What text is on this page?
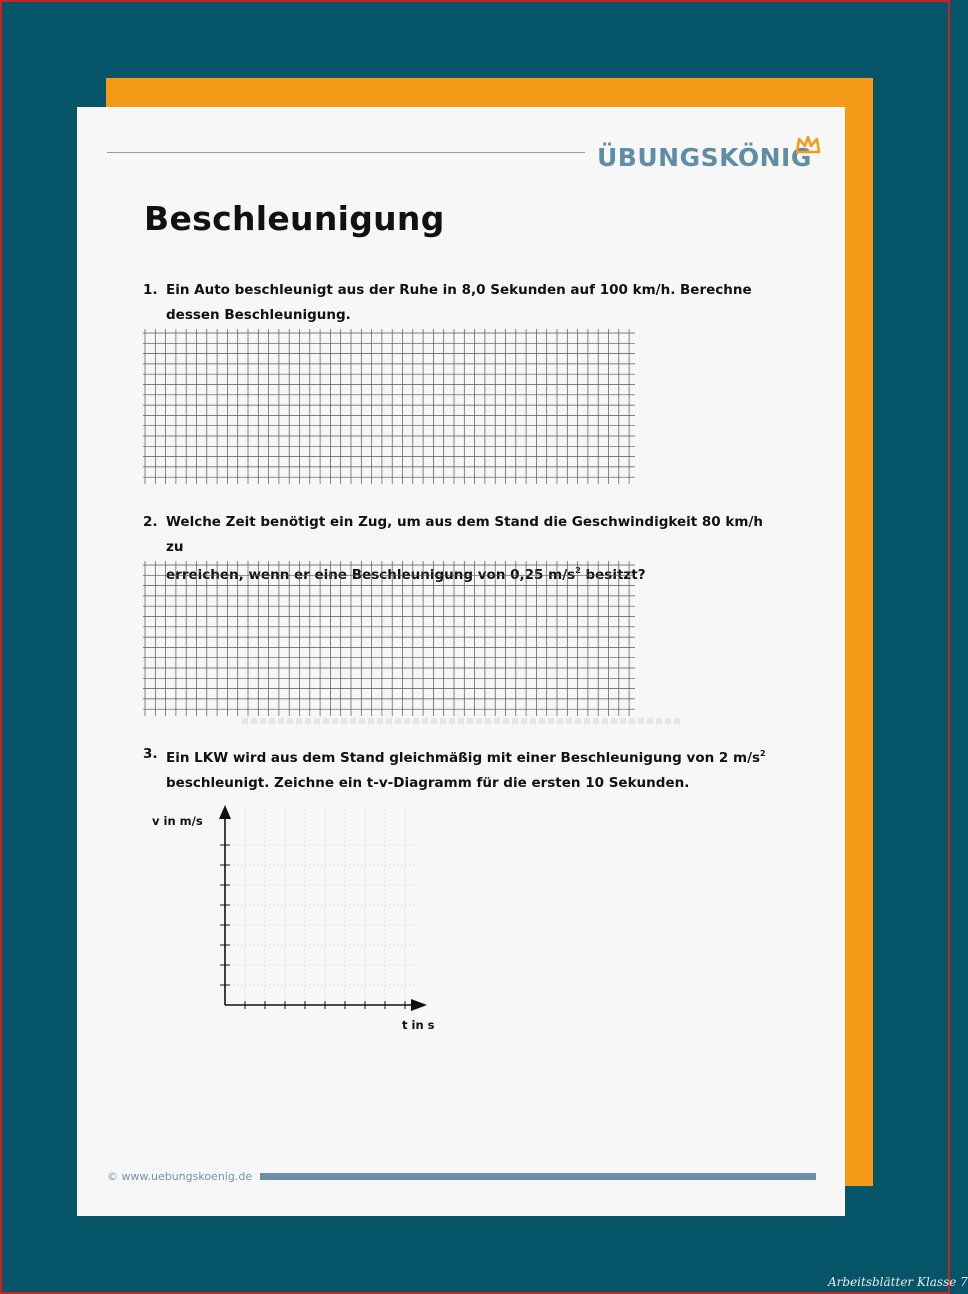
ÜBUNGSKÖNIG
Beschleunigung
1. Ein Auto beschleunigt aus der Ruhe in 8,0 Sekunden auf 100 km/h. Berechne
dessen Beschleunigung.
2. Welche Zeit benötigt ein Zug, um aus dem Stand die Geschwindigkeit 80 km/h zu
erreichen, wenn er eine Beschleunigung von 0,25 $m/s^2$ besitzt?
3. Ein LKW wird aus dem Stand gleichmäßig mit einer Beschleunigung von 2 $m/s^2$
beschleunigt. Zeichne ein t-v-Diagramm für die ersten 10 Sekunden.
v in m/s
t in s
© www.uebungskoenig.de
Arbeitsblätter Klasse 7
